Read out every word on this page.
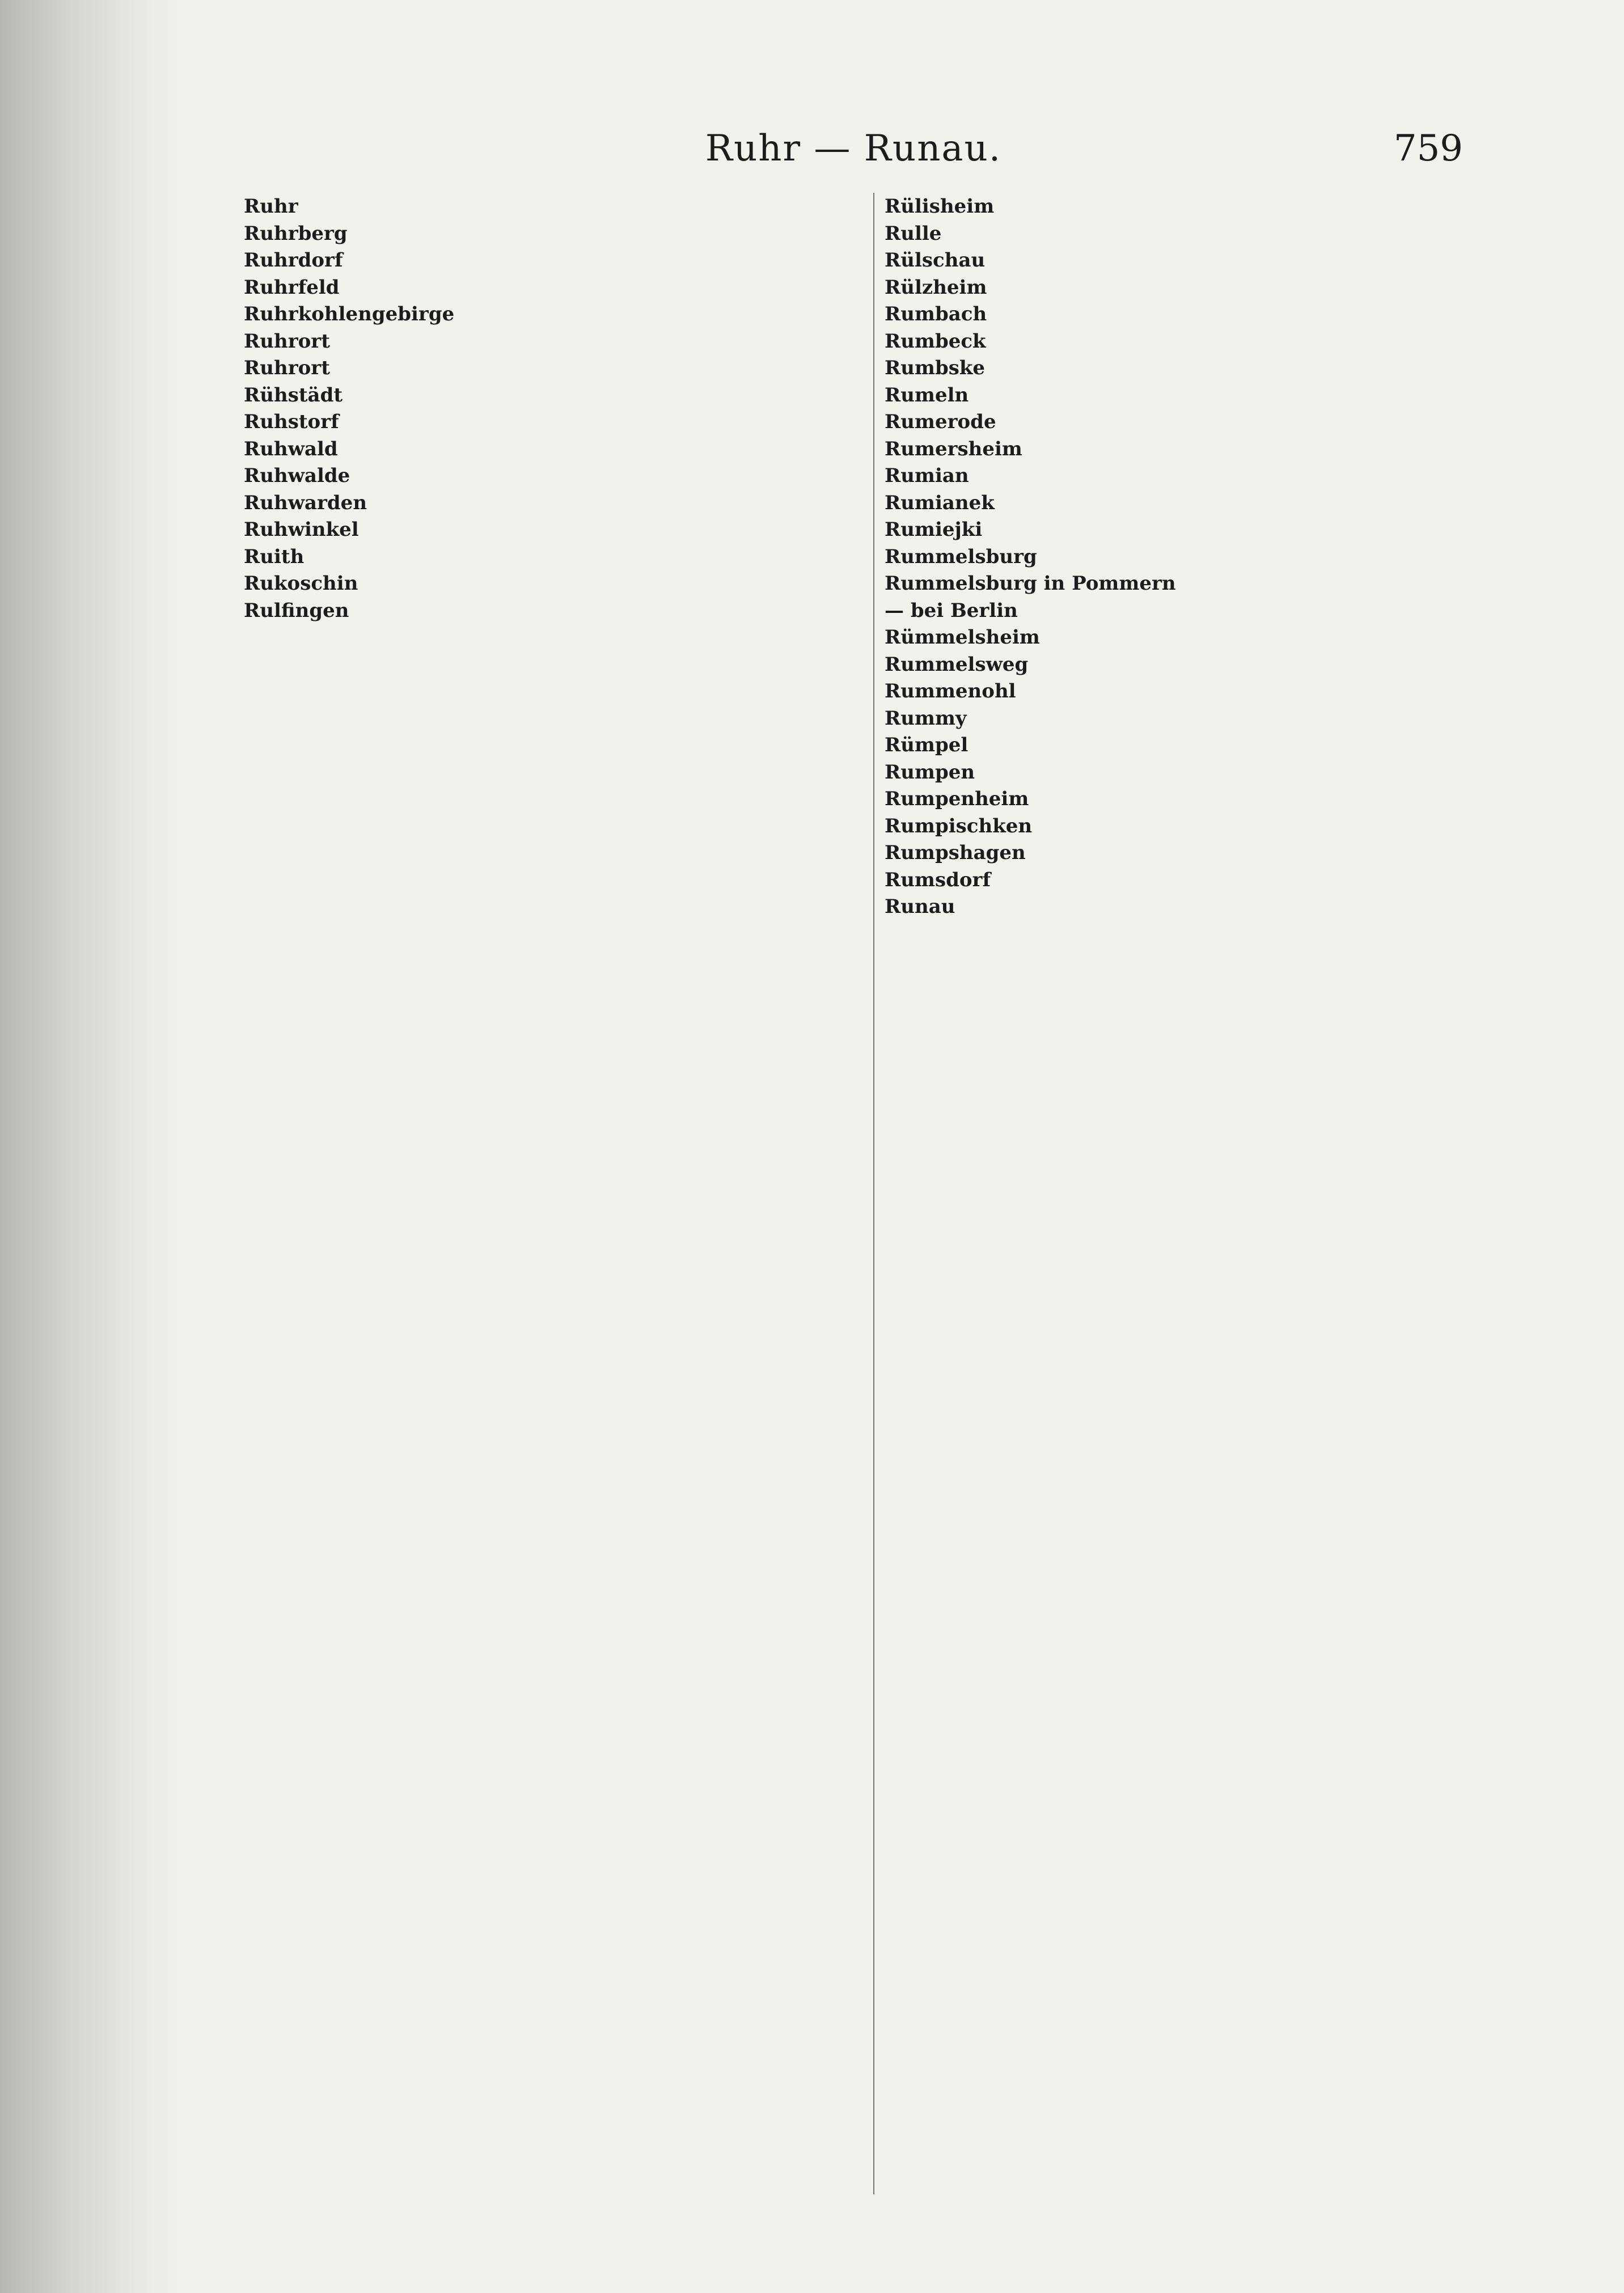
Ruhr — Runau.	759

Ruhr

Ruhrberg

Ruhrdorf

Ruhrfeld

Ruhrkohlengebirge

Ruhrort

Ruhrort

Rühstädt

Ruhstorf

Ruhwald

Ruhwalde

Ruhwarden

Ruhwinkel

Ruith

Rukoschin

Rulfingen

Rülisheim

Rulle

Rülschau

Rülzheim

Rumbach

Rumbeck

Rumbske

Rumeln

Rumerode

Rumersheim

Rumian

Rumianek

Rumiejki

Rummelsburg

Rummelsburg in Pommern

— bei Berlin

Rümmelsheim

Rummelsweg

Rummenohl

Rummy

Rümpel

Rumpen

Rumpenheim

Rumpischken

Rumpshagen

Rumsdorf

Runau
